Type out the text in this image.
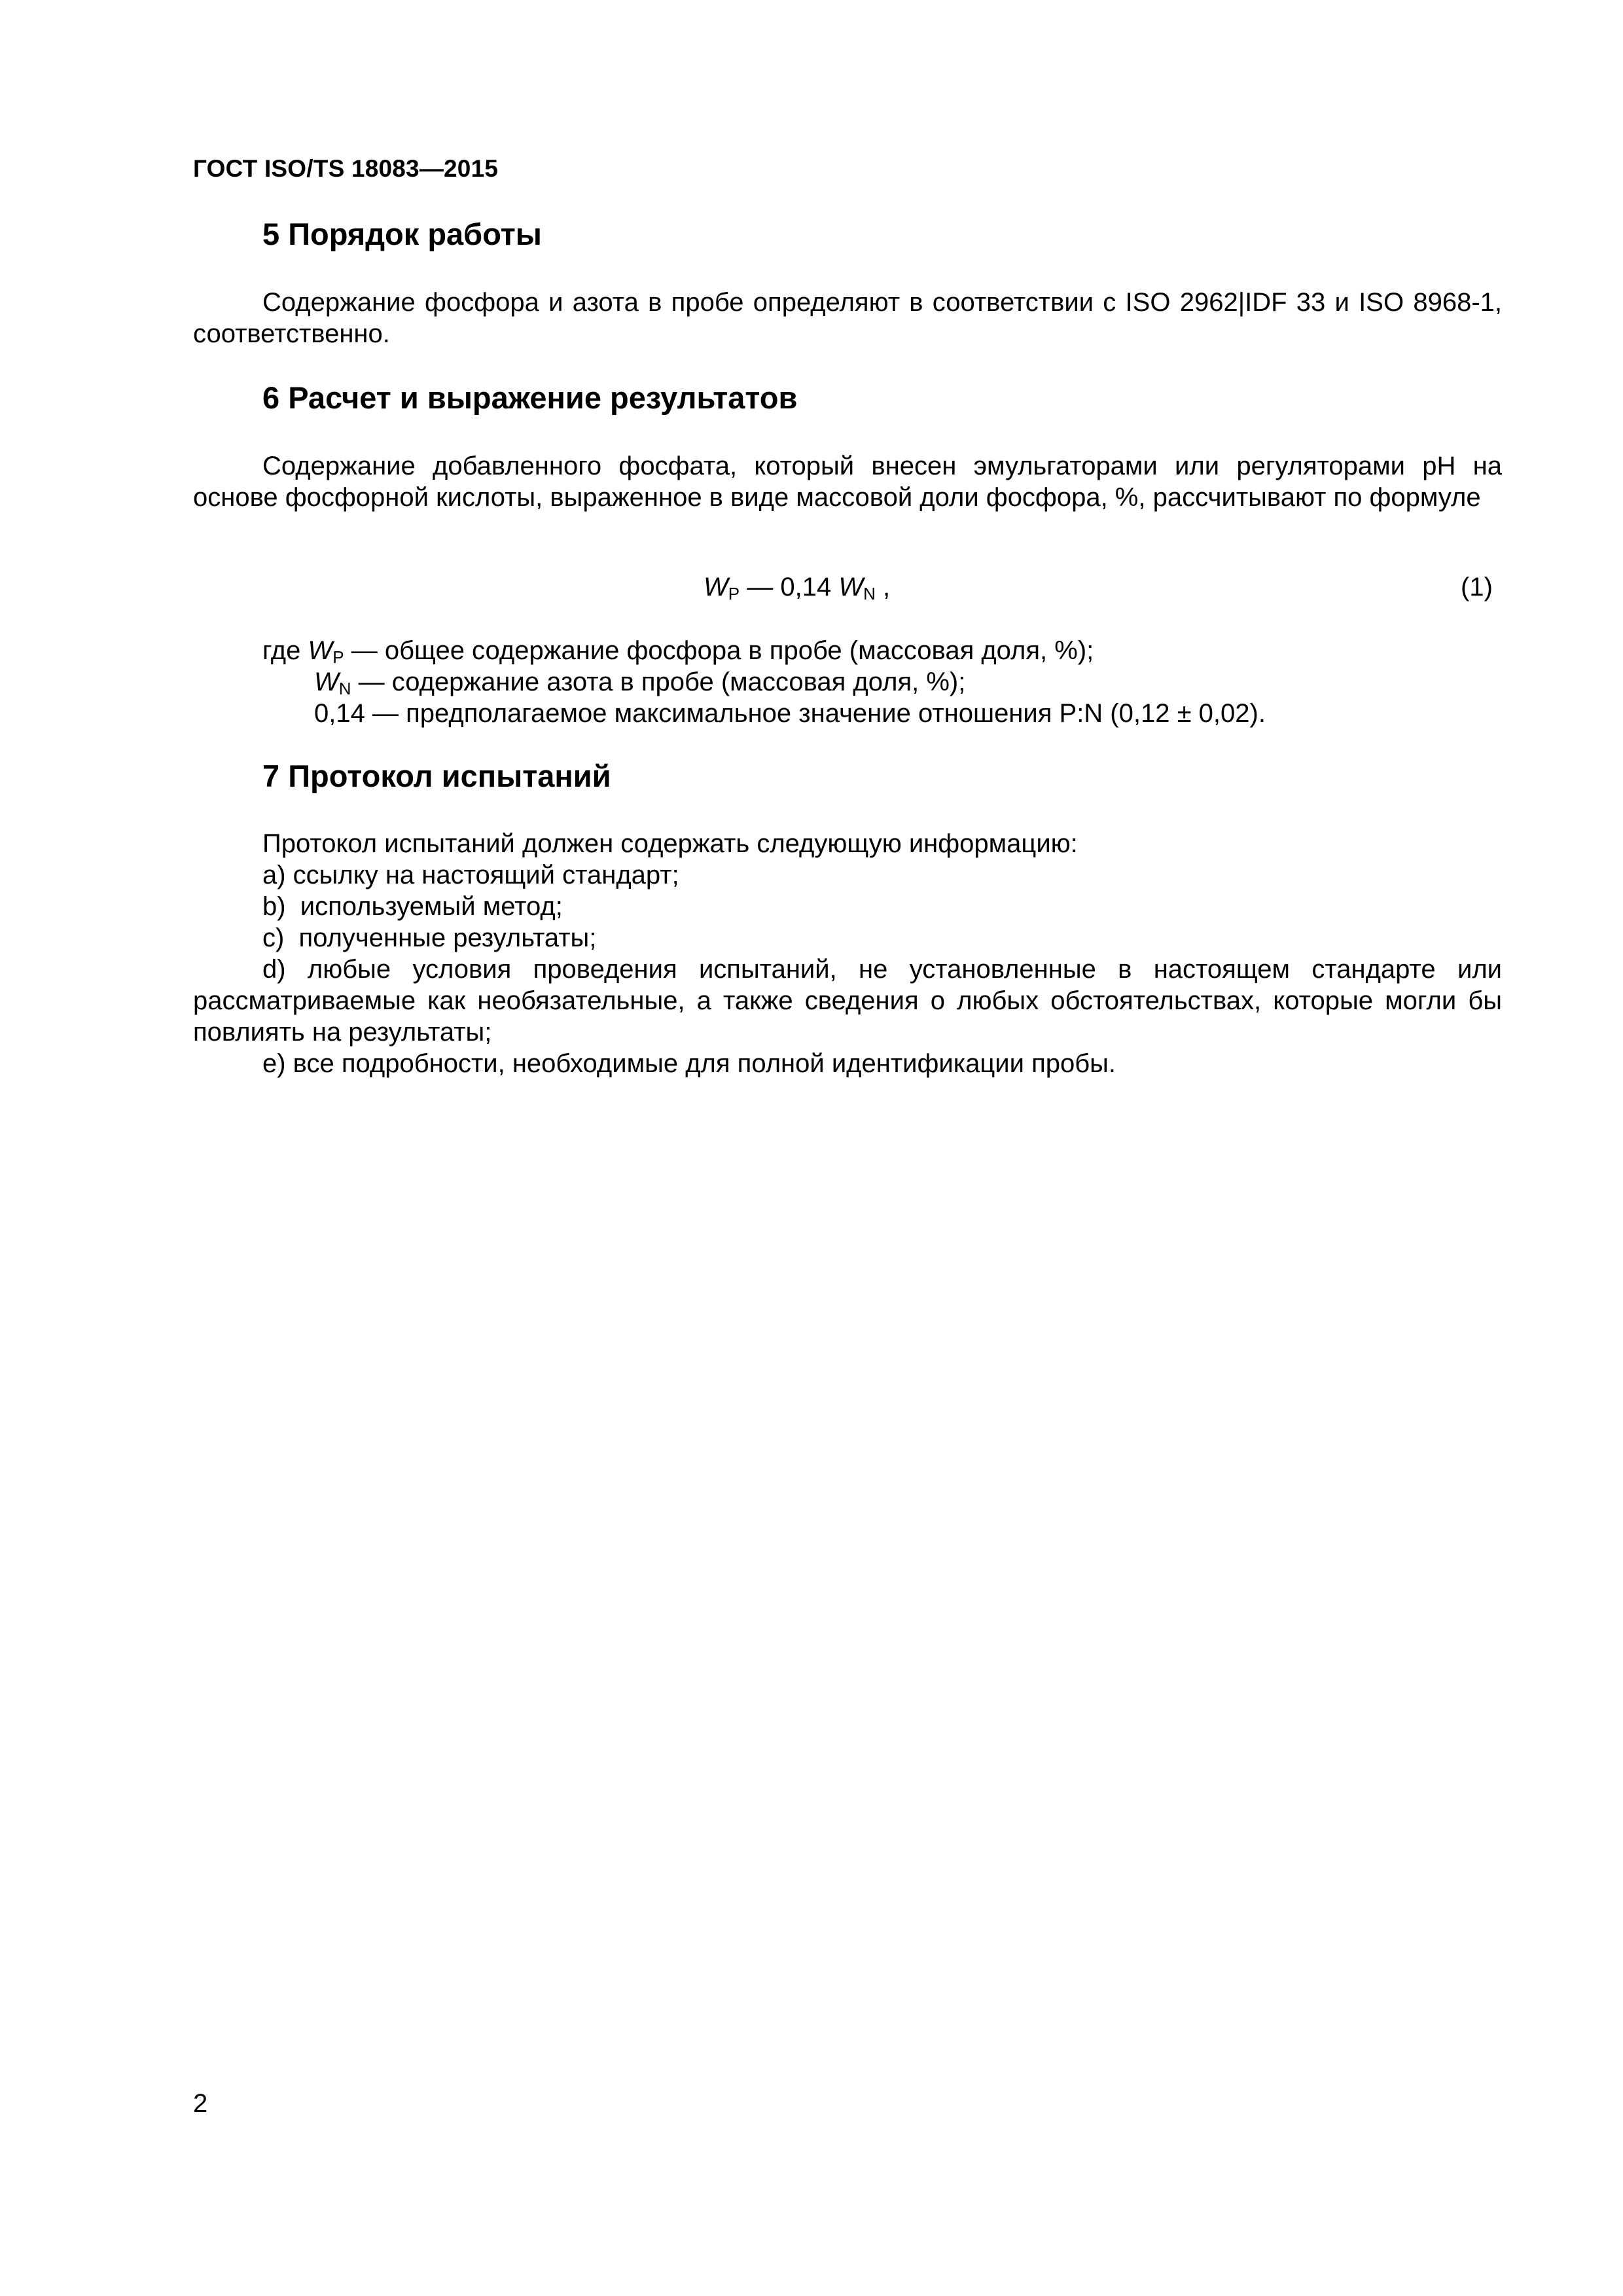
ГОСТ ISO/TS 18083—2015
5 Порядок работы
Содержание фосфора и азота в пробе определяют в соответствии с ISO 2962|IDF 33 и ISO 8968-1, соответственно.
6 Расчет и выражение результатов
Содержание добавленного фосфата, который внесен эмульгаторами или регуляторами pH на основе фосфорной кислоты, выраженное в виде массовой доли фосфора, %, рассчитывают по формуле
$W_P$ — 0,14 $W_N$ ,	(1)
где $W_P$ — общее содержание фосфора в пробе (массовая доля, %);
$W_N$ — содержание азота в пробе (массовая доля, %);
0,14 — предполагаемое максимальное значение отношения P:N (0,12 ± 0,02).
7 Протокол испытаний
Протокол испытаний должен содержать следующую информацию:
а) ссылку на настоящий стандарт;
b)  используемый метод;
с)  полученные результаты;
d) любые условия проведения испытаний, не установленные в настоящем стандарте или рассматриваемые как необязательные, а также сведения о любых обстоятельствах, которые могли бы повлиять на результаты;
е) все подробности, необходимые для полной идентификации пробы.
2
